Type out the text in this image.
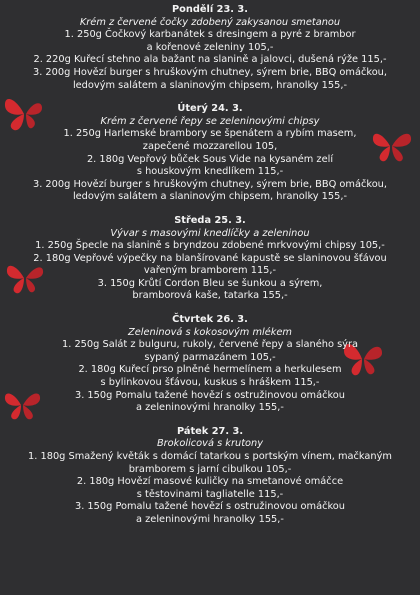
Pondělí 23. 3.
Krém z červené čočky zdobený zakysanou smetanou
1. 250g Čočkový karbanátek s dresingem a pyré z brambor
a kořenové zeleniny 105,-
2. 220g Kuřecí stehno ala bažant na slanině a jalovci, dušená rýže 115,-
3. 200g Hovězí burger s hruškovým chutney, sýrem brie, BBQ omáčkou,
ledovým salátem a slaninovým chipsem, hranolky 155,-
Úterý 24. 3.
Krém z červené řepy se zeleninovými chipsy
1. 250g Harlemské brambory se špenátem a rybím masem,
zapečené mozzarellou 105,
2. 180g Vepřový bůček Sous Vide na kysaném zelí
s houskovým knedlíkem 115,-
3. 200g Hovězí burger s hruškovým chutney, sýrem brie, BBQ omáčkou,
ledovým salátem a slaninovým chipsem, hranolky 155,-
Středa 25. 3.
Vývar s masovými knedlíčky a zeleninou
1. 250g Špecle na slanině s bryndzou zdobené mrkvovými chipsy 105,-
2. 180g Vepřové výpečky na blanšírované kapustě se slaninovou šťávou
vařeným bramborem 115,-
3. 150g Krůtí Cordon Bleu se šunkou a sýrem,
bramborová kaše, tatarka 155,-
Čtvrtek 26. 3.
Zeleninová s kokosovým mlékem
1. 250g Salát z bulguru, rukoly, červené řepy a slaného sýra
sypaný parmazánem 105,-
2. 180g Kuřecí prso plněné hermelínem a herkulesem
s bylinkovou šťávou, kuskus s hráškem 115,-
3. 150g Pomalu tažené hovězí s ostružinovou omáčkou
a zeleninovými hranolky 155,-
Pátek 27. 3.
Brokolicová s krutony
1. 180g Smažený květák s domácí tatarkou s portským vínem, mačkaným
bramborem s jarní cibulkou 105,-
2. 180g Hovězí masové kuličky na smetanové omáčce
s těstovinami tagliatelle 115,-
3. 150g Pomalu tažené hovězí s ostružinovou omáčkou
a zeleninovými hranolky 155,-
